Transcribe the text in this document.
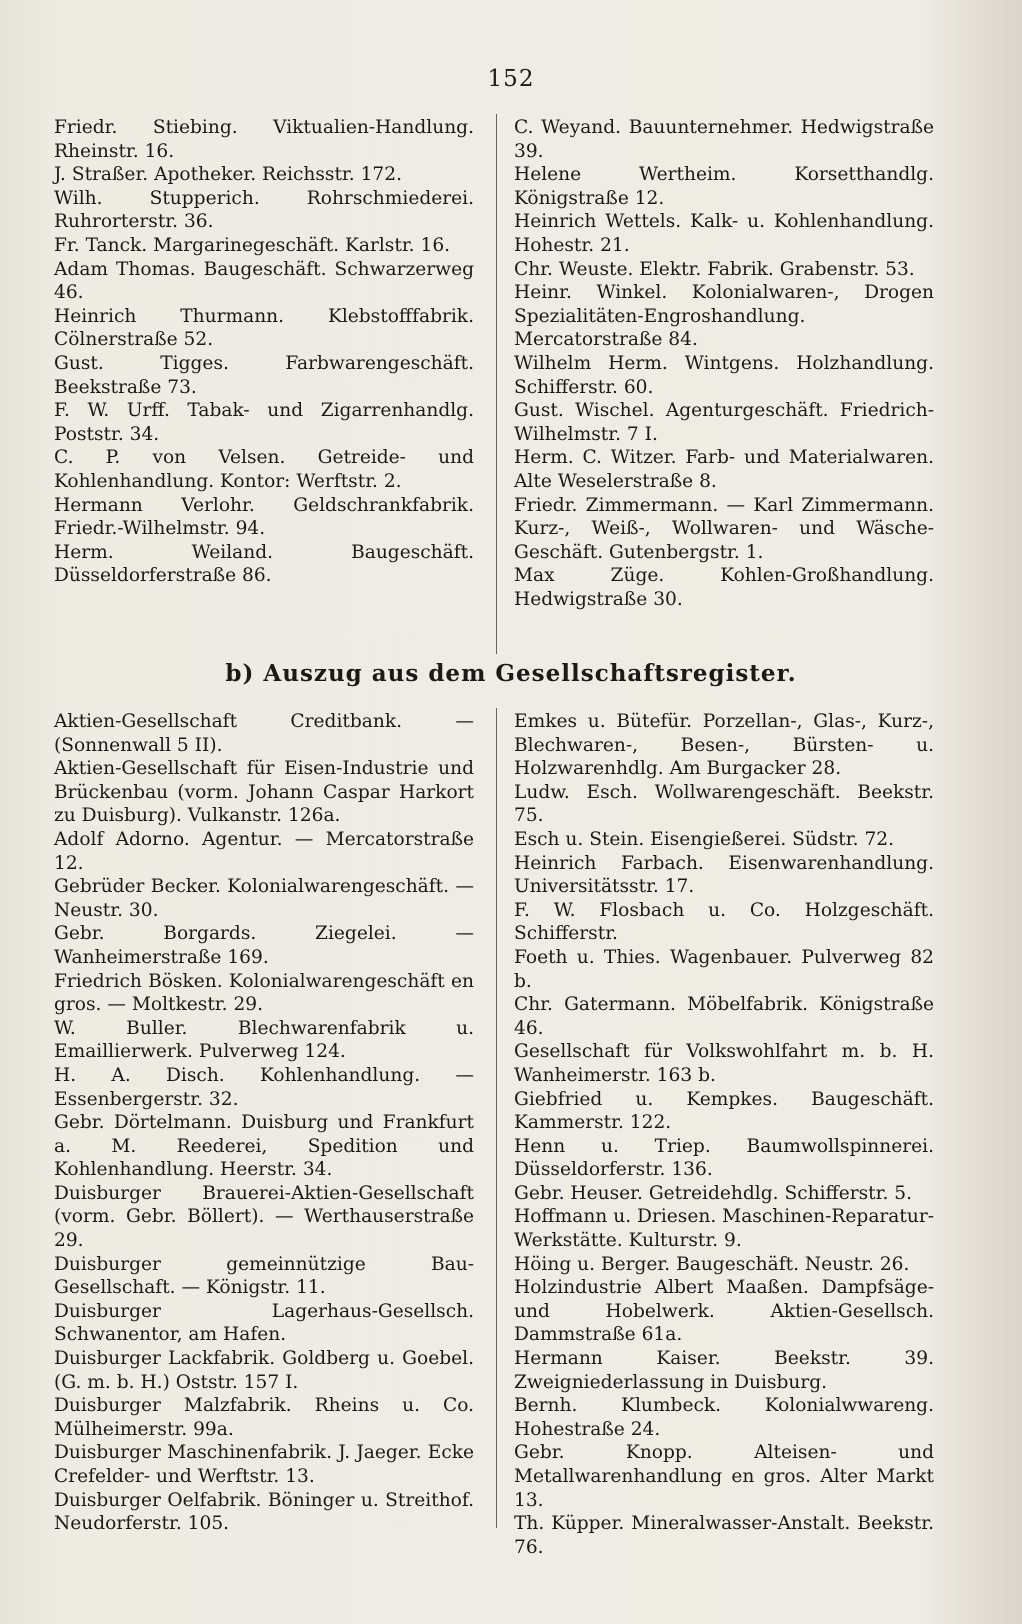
152

Friedr. Stiebing. Viktualien-Handlung. Rheinstr. 16.

J. Straßer. Apotheker. Reichsstr. 172.

Wilh. Stupperich. Rohrschmiederei. Ruhrorterstr. 36.

Fr. Tanck. Margarinegeschäft. Karlstr. 16.

Adam Thomas. Baugeschäft. Schwarzerweg 46.

Heinrich Thurmann. Klebstofffabrik. Cölnerstraße 52.

Gust. Tigges. Farbwarengeschäft. Beekstraße 73.

F. W. Urff. Tabak- und Zigarrenhandlg. Poststr. 34.

C. P. von Velsen. Getreide- und Kohlenhandlung. Kontor: Werftstr. 2.

Hermann Verlohr. Geldschrankfabrik. Friedr.-Wilhelmstr. 94.

Herm. Weiland. Baugeschäft. Düsseldorferstraße 86.

C. Weyand. Bauunternehmer. Hedwigstraße 39.

Helene Wertheim. Korsetthandlg. Königstraße 12.

Heinrich Wettels. Kalk- u. Kohlenhandlung. Hohestr. 21.

Chr. Weuste. Elektr. Fabrik. Grabenstr. 53.

Heinr. Winkel. Kolonialwaren-, Drogen Spezialitäten-Engroshandlung. Mercatorstraße 84.

Wilhelm Herm. Wintgens. Holzhandlung. Schifferstr. 60.

Gust. Wischel. Agenturgeschäft. Friedrich-Wilhelmstr. 7 I.

Herm. C. Witzer. Farb- und Materialwaren. Alte Weselerstraße 8.

Friedr. Zimmermann. — Karl Zimmermann. Kurz-, Weiß-, Wollwaren- und Wäsche-Geschäft. Gutenbergstr. 1.

Max Züge. Kohlen-Großhandlung. Hedwigstraße 30.

b) Auszug aus dem Gesellschaftsregister.

Aktien-Gesellschaft Creditbank. — (Sonnenwall 5 II).

Aktien-Gesellschaft für Eisen-Industrie und Brückenbau (vorm. Johann Caspar Harkort zu Duisburg). Vulkanstr. 126a.

Adolf Adorno. Agentur. — Mercatorstraße 12.

Gebrüder Becker. Kolonialwarengeschäft. — Neustr. 30.

Gebr. Borgards. Ziegelei. — Wanheimerstraße 169.

Friedrich Bösken. Kolonialwarengeschäft en gros. — Moltkestr. 29.

W. Buller. Blechwarenfabrik u. Emaillierwerk. Pulverweg 124.

H. A. Disch. Kohlenhandlung. — Essenbergerstr. 32.

Gebr. Dörtelmann. Duisburg und Frankfurt a. M. Reederei, Spedition und Kohlenhandlung. Heerstr. 34.

Duisburger Brauerei-Aktien-Gesellschaft (vorm. Gebr. Böllert). — Werthauserstraße 29.

Duisburger gemeinnützige Bau-Gesellschaft. — Königstr. 11.

Duisburger Lagerhaus-Gesellsch. Schwanentor, am Hafen.

Duisburger Lackfabrik. Goldberg u. Goebel. (G. m. b. H.) Oststr. 157 I.

Duisburger Malzfabrik. Rheins u. Co. Mülheimerstr. 99a.

Duisburger Maschinenfabrik. J. Jaeger. Ecke Crefelder- und Werftstr. 13.

Duisburger Oelfabrik. Böninger u. Streithof. Neudorferstr. 105.

Emkes u. Bütefür. Porzellan-, Glas-, Kurz-, Blechwaren-, Besen-, Bürsten- u. Holzwarenhdlg. Am Burgacker 28.

Ludw. Esch. Wollwarengeschäft. Beekstr. 75.

Esch u. Stein. Eisengießerei. Südstr. 72.

Heinrich Farbach. Eisenwarenhandlung. Universitätsstr. 17.

F. W. Flosbach u. Co. Holzgeschäft. Schifferstr.

Foeth u. Thies. Wagenbauer. Pulverweg 82 b.

Chr. Gatermann. Möbelfabrik. Königstraße 46.

Gesellschaft für Volkswohlfahrt m. b. H. Wanheimerstr. 163 b.

Giebfried u. Kempkes. Baugeschäft. Kammerstr. 122.

Henn u. Triep. Baumwollspinnerei. Düsseldorferstr. 136.

Gebr. Heuser. Getreidehdlg. Schifferstr. 5.

Hoffmann u. Driesen. Maschinen-Reparatur-Werkstätte. Kulturstr. 9.

Höing u. Berger. Baugeschäft. Neustr. 26.

Holzindustrie Albert Maaßen. Dampfsäge- und Hobelwerk. Aktien-Gesellsch. Dammstraße 61a.

Hermann Kaiser. Beekstr. 39. Zweigniederlassung in Duisburg.

Bernh. Klumbeck. Kolonialwwareng. Hohestraße 24.

Gebr. Knopp. Alteisen- und Metallwarenhandlung en gros. Alter Markt 13.

Th. Küpper. Mineralwasser-Anstalt. Beekstr. 76.
